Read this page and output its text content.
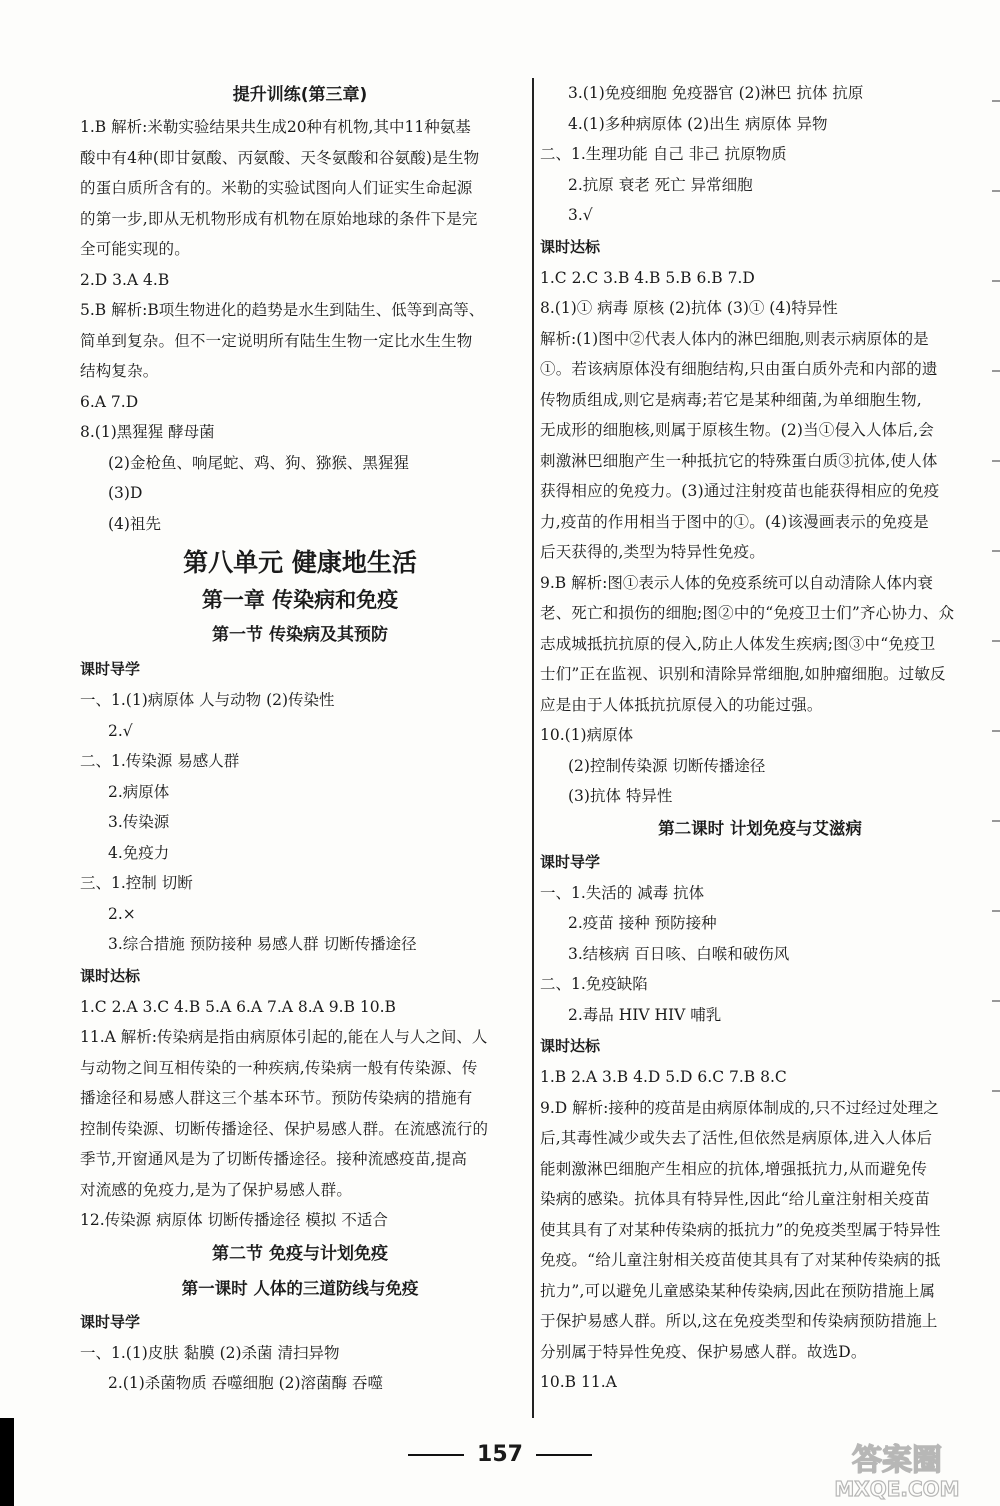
提升训练(第三章)
1.B 解析:米勒实验结果共生成20种有机物,其中11种氨基
酸中有4种(即甘氨酸、丙氨酸、天冬氨酸和谷氨酸)是生物
的蛋白质所含有的。米勒的实验试图向人们证实生命起源
的第一步,即从无机物形成有机物在原始地球的条件下是完
全可能实现的。
2.D 3.A 4.B
5.B 解析:B项生物进化的趋势是水生到陆生、低等到高等、
简单到复杂。但不一定说明所有陆生生物一定比水生生物
结构复杂。
6.A 7.D
8.(1)黑猩猩 酵母菌
(2)金枪鱼、响尾蛇、鸡、狗、猕猴、黑猩猩
(3)D
(4)祖先
第八单元 健康地生活
第一章 传染病和免疫
第一节 传染病及其预防
课时导学
一、1.(1)病原体 人与动物 (2)传染性
2.√
二、1.传染源 易感人群
2.病原体
3.传染源
4.免疫力
三、1.控制 切断
2.×
3.综合措施 预防接种 易感人群 切断传播途径
课时达标
1.C 2.A 3.C 4.B 5.A 6.A 7.A 8.A 9.B 10.B
11.A 解析:传染病是指由病原体引起的,能在人与人之间、人
与动物之间互相传染的一种疾病,传染病一般有传染源、传
播途径和易感人群这三个基本环节。预防传染病的措施有
控制传染源、切断传播途径、保护易感人群。在流感流行的
季节,开窗通风是为了切断传播途径。接种流感疫苗,提高
对流感的免疫力,是为了保护易感人群。
12.传染源 病原体 切断传播途径 模拟 不适合
第二节 免疫与计划免疫
第一课时 人体的三道防线与免疫
课时导学
一、1.(1)皮肤 黏膜 (2)杀菌 清扫异物
2.(1)杀菌物质 吞噬细胞 (2)溶菌酶 吞噬
3.(1)免疫细胞 免疫器官 (2)淋巴 抗体 抗原
4.(1)多种病原体 (2)出生 病原体 异物
二、1.生理功能 自己 非己 抗原物质
2.抗原 衰老 死亡 异常细胞
3.√
课时达标
1.C 2.C 3.B 4.B 5.B 6.B 7.D
8.(1)① 病毒 原核 (2)抗体 (3)① (4)特异性
解析:(1)图中②代表人体内的淋巴细胞,则表示病原体的是
①。若该病原体没有细胞结构,只由蛋白质外壳和内部的遗
传物质组成,则它是病毒;若它是某种细菌,为单细胞生物,
无成形的细胞核,则属于原核生物。(2)当①侵入人体后,会
刺激淋巴细胞产生一种抵抗它的特殊蛋白质③抗体,使人体
获得相应的免疫力。(3)通过注射疫苗也能获得相应的免疫
力,疫苗的作用相当于图中的①。(4)该漫画表示的免疫是
后天获得的,类型为特异性免疫。
9.B 解析:图①表示人体的免疫系统可以自动清除人体内衰
老、死亡和损伤的细胞;图②中的“免疫卫士们”齐心协力、众
志成城抵抗抗原的侵入,防止人体发生疾病;图③中“免疫卫
士们”正在监视、识别和清除异常细胞,如肿瘤细胞。过敏反
应是由于人体抵抗抗原侵入的功能过强。
10.(1)病原体
(2)控制传染源 切断传播途径
(3)抗体 特异性
第二课时 计划免疫与艾滋病
课时导学
一、1.失活的 减毒 抗体
2.疫苗 接种 预防接种
3.结核病 百日咳、白喉和破伤风
二、1.免疫缺陷
2.毒品 HIV HIV 哺乳
课时达标
1.B 2.A 3.B 4.D 5.D 6.C 7.B 8.C
9.D 解析:接种的疫苗是由病原体制成的,只不过经过处理之
后,其毒性减少或失去了活性,但依然是病原体,进入人体后
能刺激淋巴细胞产生相应的抗体,增强抵抗力,从而避免传
染病的感染。抗体具有特异性,因此“给儿童注射相关疫苗
使其具有了对某种传染病的抵抗力”的免疫类型属于特异性
免疫。“给儿童注射相关疫苗使其具有了对某种传染病的抵
抗力”,可以避免儿童感染某种传染病,因此在预防措施上属
于保护易感人群。所以,这在免疫类型和传染病预防措施上
分别属于特异性免疫、保护易感人群。故选D。
10.B 11.A
157	答案圈
MXQE.COM
